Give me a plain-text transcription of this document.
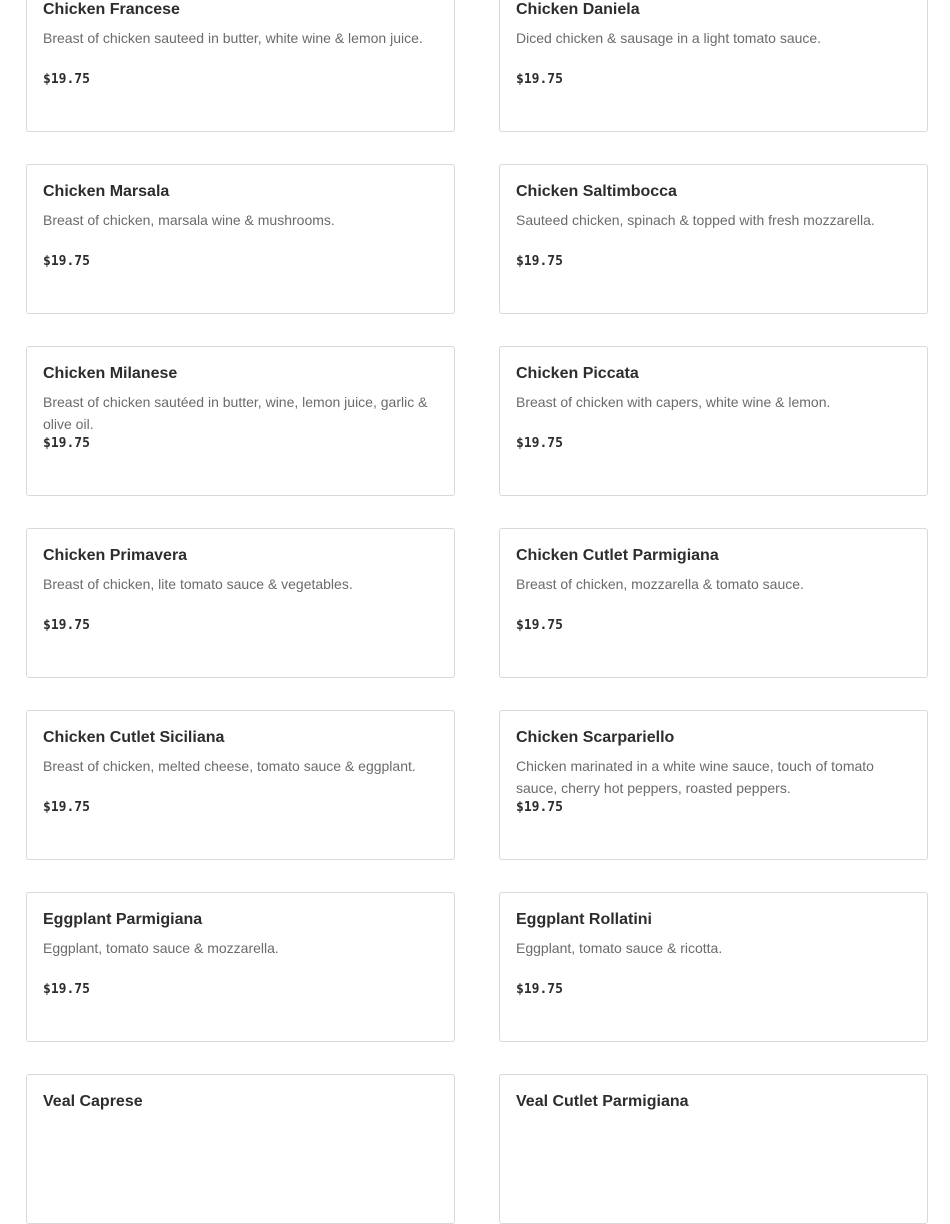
Chicken Francese
Breast of chicken sauteed in butter, white wine & lemon juice.
$19.75
Chicken Daniela
Diced chicken & sausage in a light tomato sauce.
$19.75
Chicken Marsala
Breast of chicken, marsala wine & mushrooms.
$19.75
Chicken Saltimbocca
Sauteed chicken, spinach & topped with fresh mozzarella.
$19.75
Chicken Milanese
Breast of chicken sautéed in butter, wine, lemon juice, garlic & olive oil.
$19.75
Chicken Piccata
Breast of chicken with capers, white wine & lemon.
$19.75
Chicken Primavera
Breast of chicken, lite tomato sauce & vegetables.
$19.75
Chicken Cutlet Parmigiana
Breast of chicken, mozzarella & tomato sauce.
$19.75
Chicken Cutlet Siciliana
Breast of chicken, melted cheese, tomato sauce & eggplant.
$19.75
Chicken Scarpariello
Chicken marinated in a white wine sauce, touch of tomato sauce, cherry hot peppers, roasted peppers.
$19.75
Eggplant Parmigiana
Eggplant, tomato sauce & mozzarella.
$19.75
Eggplant Rollatini
Eggplant, tomato sauce & ricotta.
$19.75
Veal Caprese	Veal Cutlet Parmigiana
